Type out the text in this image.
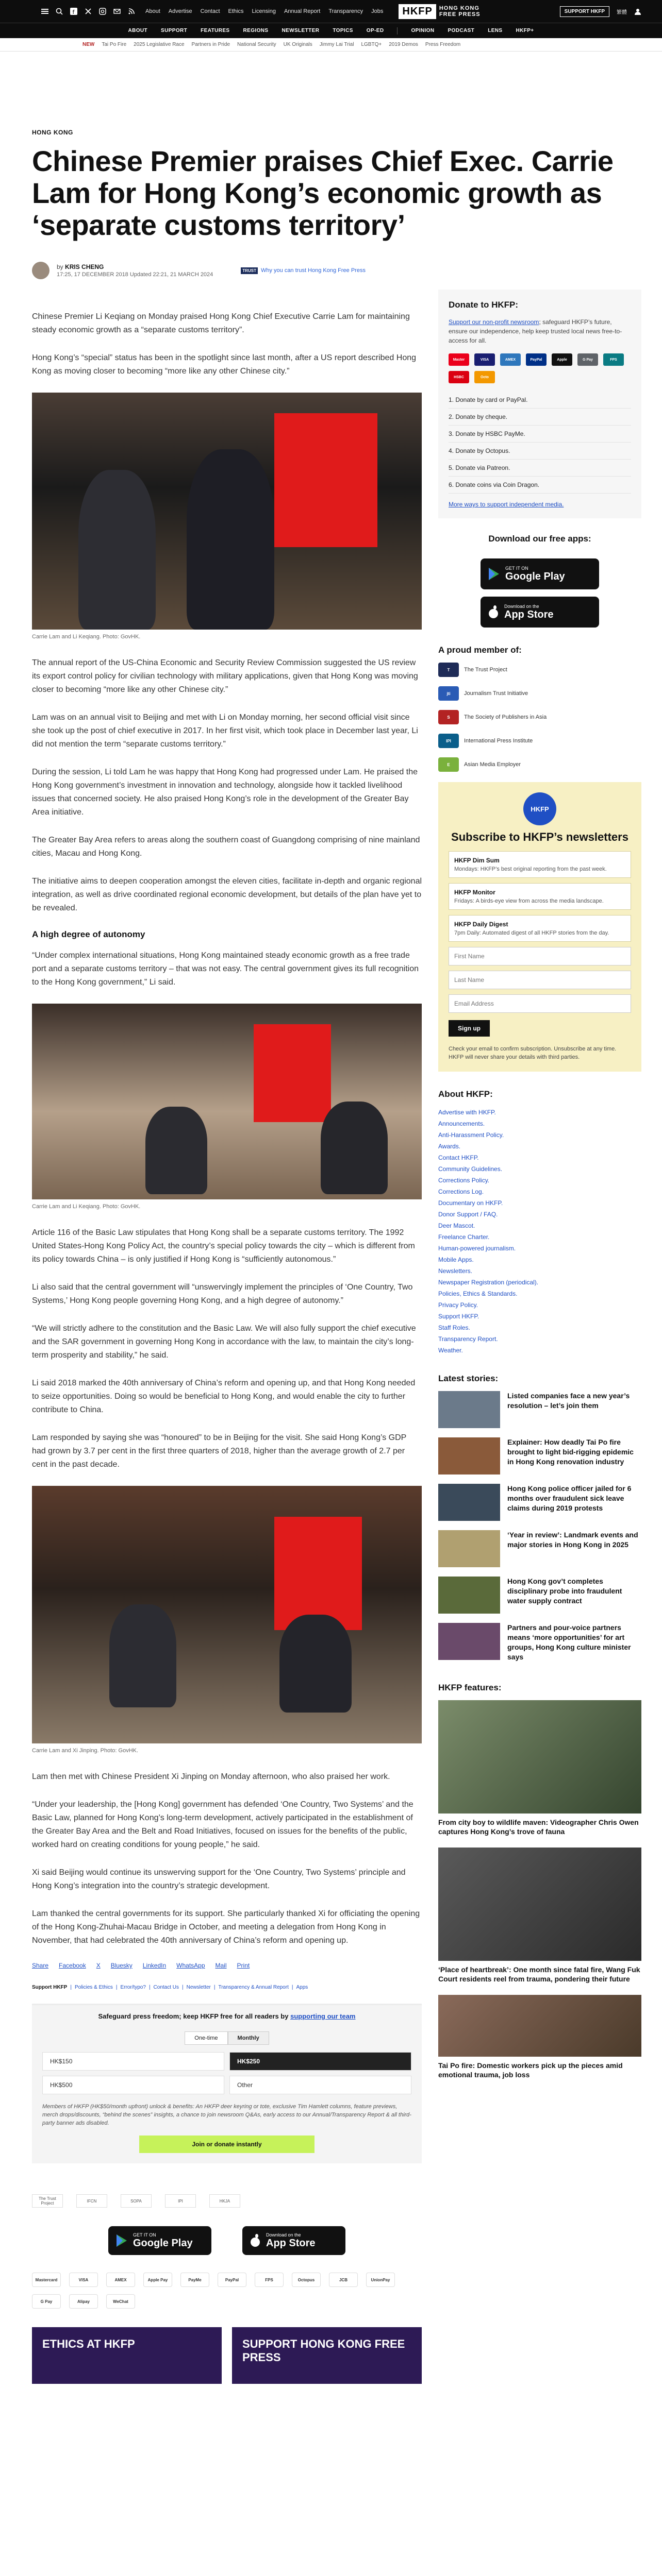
f	About Advertise Contact Ethics Licensing Annual Report Transparency Jobs	HKFP	HONG KONG
FREE PRESS	SUPPORT HKFP	繁體
ABOUT	SUPPORT	FEATURES	REGIONS	NEWSLETTER	TOPICS	OP-ED	OPINION	PODCAST	LENS	HKFP+
NEW Tai Po Fire 2025 Legislative Race Partners in Pride National Security UK Originals Jimmy Lai Trial LGBTQ+ 2019 Demos Press Freedom
HONG KONG
Chinese Premier praises Chief Exec. Carrie Lam for Hong Kong’s economic growth as ‘separate customs territory’
by KRIS CHENG
17:25, 17 DECEMBER 2018 Updated 22:21, 21 MARCH 2024
TRUST Why you can trust Hong Kong Free Press

Chinese Premier Li Keqiang on Monday praised Hong Kong Chief Executive Carrie Lam for maintaining steady economic growth as a “separate customs territory”.

Hong Kong’s “special” status has been in the spotlight since last month, after a US report described Hong Kong as moving closer to becoming “more like any other Chinese city.”

Carrie Lam and Li Keqiang. Photo: GovHK.

The annual report of the US-China Economic and Security Review Commission suggested the US review its export control policy for civilian technology with military applications, given that Hong Kong was moving closer to becoming “more like any other Chinese city.”

Lam was on an annual visit to Beijing and met with Li on Monday morning, her second official visit since she took up the post of chief executive in 2017. In her first visit, which took place in December last year, Li did not mention the term “separate customs territory.”

During the session, Li told Lam he was happy that Hong Kong had progressed under Lam. He praised the Hong Kong government’s investment in innovation and technology, alongside how it tackled livelihood issues that concerned society. He also praised Hong Kong’s role in the development of the Greater Bay Area initiative.

The Greater Bay Area refers to areas along the southern coast of Guangdong comprising of nine mainland cities, Macau and Hong Kong.

The initiative aims to deepen cooperation amongst the eleven cities, facilitate in-depth and organic regional integration, as well as drive coordinated regional economic development, but details of the plan have yet to be revealed.

A high degree of autonomy

“Under complex international situations, Hong Kong maintained steady economic growth as a free trade port and a separate customs territory – that was not easy. The central government gives its full recognition to the Hong Kong government,” Li said.

Carrie Lam and Li Keqiang. Photo: GovHK.

Article 116 of the Basic Law stipulates that Hong Kong shall be a separate customs territory. The 1992 United States-Hong Kong Policy Act, the country’s special policy towards the city – which is different from its policy towards China – is only justified if Hong Kong is “sufficiently autonomous.”

Li also said that the central government will “unswervingly implement the principles of ‘One Country, Two Systems,’ Hong Kong people governing Hong Kong, and a high degree of autonomy.”

“We will strictly adhere to the constitution and the Basic Law. We will also fully support the chief executive and the SAR government in governing Hong Kong in accordance with the law, to maintain the city’s long-term prosperity and stability,” he said.

Li said 2018 marked the 40th anniversary of China’s reform and opening up, and that Hong Kong needed to seize opportunities. Doing so would be beneficial to Hong Kong, and would enable the city to further contribute to China.

Lam responded by saying she was “honoured” to be in Beijing for the visit. She said Hong Kong’s GDP had grown by 3.7 per cent in the first three quarters of 2018, higher than the average growth of 2.7 per cent in the past decade.

Carrie Lam and Xi Jinping. Photo: GovHK.

Lam then met with Chinese President Xi Jinping on Monday afternoon, who also praised her work.

“Under your leadership, the [Hong Kong] government has defended ‘One Country, Two Systems’ and the Basic Law, planned for Hong Kong’s long-term development, actively participated in the establishment of the Greater Bay Area and the Belt and Road Initiatives, focused on issues for the benefits of the public, worked hard on creating conditions for young people,” he said.

Xi said Beijing would continue its unswerving support for the ‘One Country, Two Systems’ principle and Hong Kong’s integration into the country’s strategic development.

Lam thanked the central governments for its support. She particularly thanked Xi for officiating the opening of the Hong Kong-Zhuhai-Macau Bridge in October, and meeting a delegation from Hong Kong in November, that had celebrated the 40th anniversary of China’s reform and opening up.

Share Facebook X Bluesky LinkedIn WhatsApp Mail Print
Support HKFP | Policies & Ethics | Error/typo? | Contact Us | Newsletter | Transparency & Annual Report | Apps
Safeguard press freedom; keep HKFP free for all readers by supporting our team
One-time	Monthly
HK$150	HK$250
HK$500	Other
Members of HKFP (HK$50/month upfront) unlock & benefits: An HKFP deer keyring or tote, exclusive Tim Hamlett columns, feature previews, merch drops/discounts, “behind the scenes” insights, a chance to join newsroom Q&As, early access to our Annual/Transparency Report & all third-party banner ads disabled.
Join or donate instantly
The Trust Project	IFCN	SOPA	IPI	HKJA
GET IT ON
Google Play
Download on the
App Store
Mastercard	VISA	AMEX	Apple Pay	PayMe	PayPal	FPS	Octopus	JCB	UnionPay
G Pay	Alipay	WeChat
ETHICS AT HKFP	SUPPORT HONG KONG FREE PRESS
Donate to HKFP:
Support our non-profit newsroom; safeguard HKFP’s future, ensure our independence, help keep trusted local news free-to-access for all.
Master	VISA	AMEX	PayPal	Apple	G Pay	FPS
HSBC	Octo
1. Donate by card or PayPal.
2. Donate by cheque.
3. Donate by HSBC PayMe.
4. Donate by Octopus.
5. Donate via Patreon.
6. Donate coins via Coin Dragon.
More ways to support independent media.
Download our free apps:
GET IT ON
Google Play
Download on the
App Store
A proud member of:
T	The Trust Project
jti	Journalism Trust Initiative
S	The Society of Publishers in Asia
IPI	International Press Institute
E	Asian Media Employer
HKFP
Subscribe to HKFP’s newsletters
HKFP Dim Sum
Mondays: HKFP’s best original reporting from the past week.
HKFP Monitor
Fridays: A birds-eye view from across the media landscape.
HKFP Daily Digest
7pm Daily: Automated digest of all HKFP stories from the day.
First Name Last Name Email Address Sign up
Check your email to confirm subscription. Unsubscribe at any time. HKFP will never share your details with third parties.
About HKFP:
Advertise with HKFP.
Announcements.
Anti-Harassment Policy.
Awards.
Contact HKFP.
Community Guidelines.
Corrections Policy.
Corrections Log.
Documentary on HKFP.
Donor Support / FAQ.
Deer Mascot.
Freelance Charter.
Human-powered journalism.
Mobile Apps.
Newsletters.
Newspaper Registration (periodical).
Policies, Ethics & Standards.
Privacy Policy.
Support HKFP.
Staff Roles.
Transparency Report.
Weather.
Latest stories:
Listed companies face a new year’s resolution – let’s join them
Explainer: How deadly Tai Po fire brought to light bid-rigging epidemic in Hong Kong renovation industry
Hong Kong police officer jailed for 6 months over fraudulent sick leave claims during 2019 protests
‘Year in review’: Landmark events and major stories in Hong Kong in 2025
Hong Kong gov’t completes disciplinary probe into fraudulent water supply contract
Partners and pour-voice partners means ‘more opportunities’ for art groups, Hong Kong culture minister says
HKFP features:
From city boy to wildlife maven: Videographer Chris Owen captures Hong Kong’s trove of fauna
‘Place of heartbreak’: One month since fatal fire, Wang Fuk Court residents reel from trauma, pondering their future
Tai Po fire: Domestic workers pick up the pieces amid emotional trauma, job loss
